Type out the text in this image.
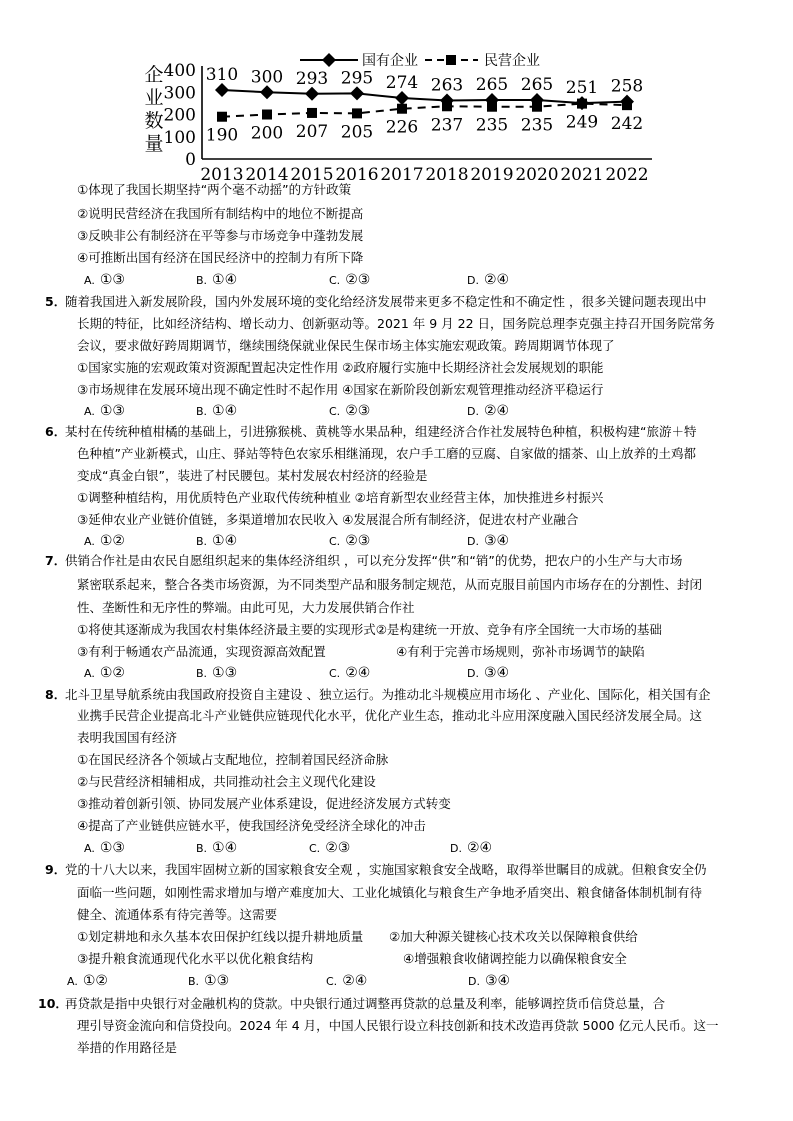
企
业
数
量
0
100
200
300
400	国有企业	民营企业
310 300 293 295 274 263 265 265 251 258
190 200 207 205 226 237 235 235 249 242
2013 2014 2015 2016 2017 2018 2019 2020 2021 2022
①体现了我国长期坚持“两个毫不动摇”的方针政策
②说明民营经济在我国所有制结构中的地位不断提高
③反映非公有制经济在平等参与市场竞争中蓬勃发展
④可推断出国有经济在国民经济中的控制力有所下降
A. ①③	B. ①④	C. ②③	D. ②④
5．
随着我国进入新发展阶段，国内外发展环境的变化给经济发展带来更多不稳定性和不确定性 ，很多关键问题表现出中
长期的特征，比如经济结构、增长动力、创新驱动等。2021 年 9 月 22 日，国务院总理李克强主持召开国务院常务
会议，要求做好跨周期调节，继续围绕保就业保民生保市场主体实施宏观政策。跨周期调节体现了
①国家实施的宏观政策对资源配置起决定性作用 ②政府履行实施中长期经济社会发展规划的职能
③市场规律在发展环境出现不确定性时不起作用 ④国家在新阶段创新宏观管理推动经济平稳运行
A. ①③	B. ①④	C. ②③	D. ②④
6．
某村在传统种植柑橘的基础上，引进猕猴桃、黄桃等水果品种，组建经济合作社发展特色种植，积极构建“旅游＋特
色种植”产业新模式，山庄、驿站等特色农家乐相继涌现，农户手工磨的豆腐、自家做的擂茶、山上放养的土鸡都
变成“真金白银”，装进了村民腰包。某村发展农村经济的经验是
①调整种植结构，用优质特色产业取代传统种植业 ②培育新型农业经营主体，加快推进乡村振兴
③延伸农业产业链价值链，多渠道增加农民收入 ④发展混合所有制经济，促进农村产业融合
A. ①②	B. ①④	C. ②③	D. ③④
7．
供销合作社是由农民自愿组织起来的集体经济组织 ，可以充分发挥“供”和“销”的优势，把农户的小生产与大市场
紧密联系起来，整合各类市场资源，为不同类型产品和服务制定规范，从而克服目前国内市场存在的分割性、封闭
性、垄断性和无序性的弊端。由此可见，大力发展供销合作社
①将使其逐渐成为我国农村集体经济最主要的实现形式②是构建统一开放、竞争有序全国统一大市场的基础
③有利于畅通农产品流通，实现资源高效配置	④有利于完善市场规则，弥补市场调节的缺陷
A. ①②	B. ①③	C. ②④	D. ③④
8．
北斗卫星导航系统由我国政府投资自主建设 、独立运行。为推动北斗规模应用市场化 、产业化、国际化，相关国有企
业携手民营企业提高北斗产业链供应链现代化水平，优化产业生态，推动北斗应用深度融入国民经济发展全局。这
表明我国国有经济
①在国民经济各个领域占支配地位，控制着国民经济命脉
②与民营经济相辅相成，共同推动社会主义现代化建设
③推动着创新引领、协同发展产业体系建设，促进经济发展方式转变
④提高了产业链供应链水平，使我国经济免受经济全球化的冲击
A. ①③	B. ①④	C. ②③	D. ②④
9．
党的十八大以来，我国牢固树立新的国家粮食安全观 ，实施国家粮食安全战略，取得举世瞩目的成就。但粮食安全仍
面临一些问题，如刚性需求增加与增产难度加大、工业化城镇化与粮食生产争地矛盾突出、粮食储备体制机制有待
健全、流通体系有待完善等。这需要
①划定耕地和永久基本农田保护红线以提升耕地质量 ②加大种源关键核心技术攻关以保障粮食供给
③提升粮食流通现代化水平以优化粮食结构	④增强粮食收储调控能力以确保粮食安全
A. ①②	B. ①③	C. ②④	D. ③④
10．
再贷款是指中央银行对金融机构的贷款。中央银行通过调整再贷款的总量及利率，能够调控货币信贷总量，合
理引导资金流向和信贷投向。2024 年 4 月，中国人民银行设立科技创新和技术改造再贷款 5000 亿元人民币。这一
举措的作用路径是
